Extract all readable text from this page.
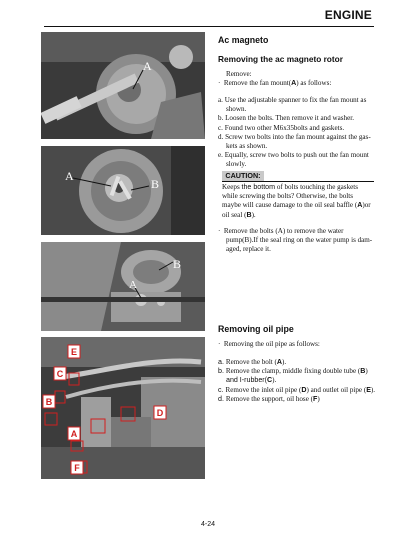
ENGINE
A
A
B
B
A
E
C
B
D
A
F
Ac magneto
Removing the ac magneto rotor

Remove:

·  Remove the fan mount(A) as follows:

a. Use the adjustable spanner to fix the fan mount as

shown.

b. Loosen the bolts. Then remove it and washer.

c. Found two other M6x35bolts and gaskets.

d. Screw two bolts into the fan mount against the gas-

kets as shown.

e. Equally, screw two bolts to push out the fan mount

slowly.

CAUTION:

Keeps the bottom of bolts touching the gaskets

while screwing the bolts? Otherwise, the bolts

maybe will cause damage to the oil seal baffle (A)or

oil seal (B).

·  Remove the bolts (A) to remove the water

pump(B).If the seal ring on the water pump is dam-

aged, replace it.

Removing oil pipe

·  Removing the oil pipe as follows:

a. Remove the bolt (A).

b. Remove the clamp, middle fixing double tube (B)

and I-rubber(C).

c. Remove the inlet oil pipe (D) and outlet oil pipe (E).

d. Remove the support, oil hose (F)

4-24
